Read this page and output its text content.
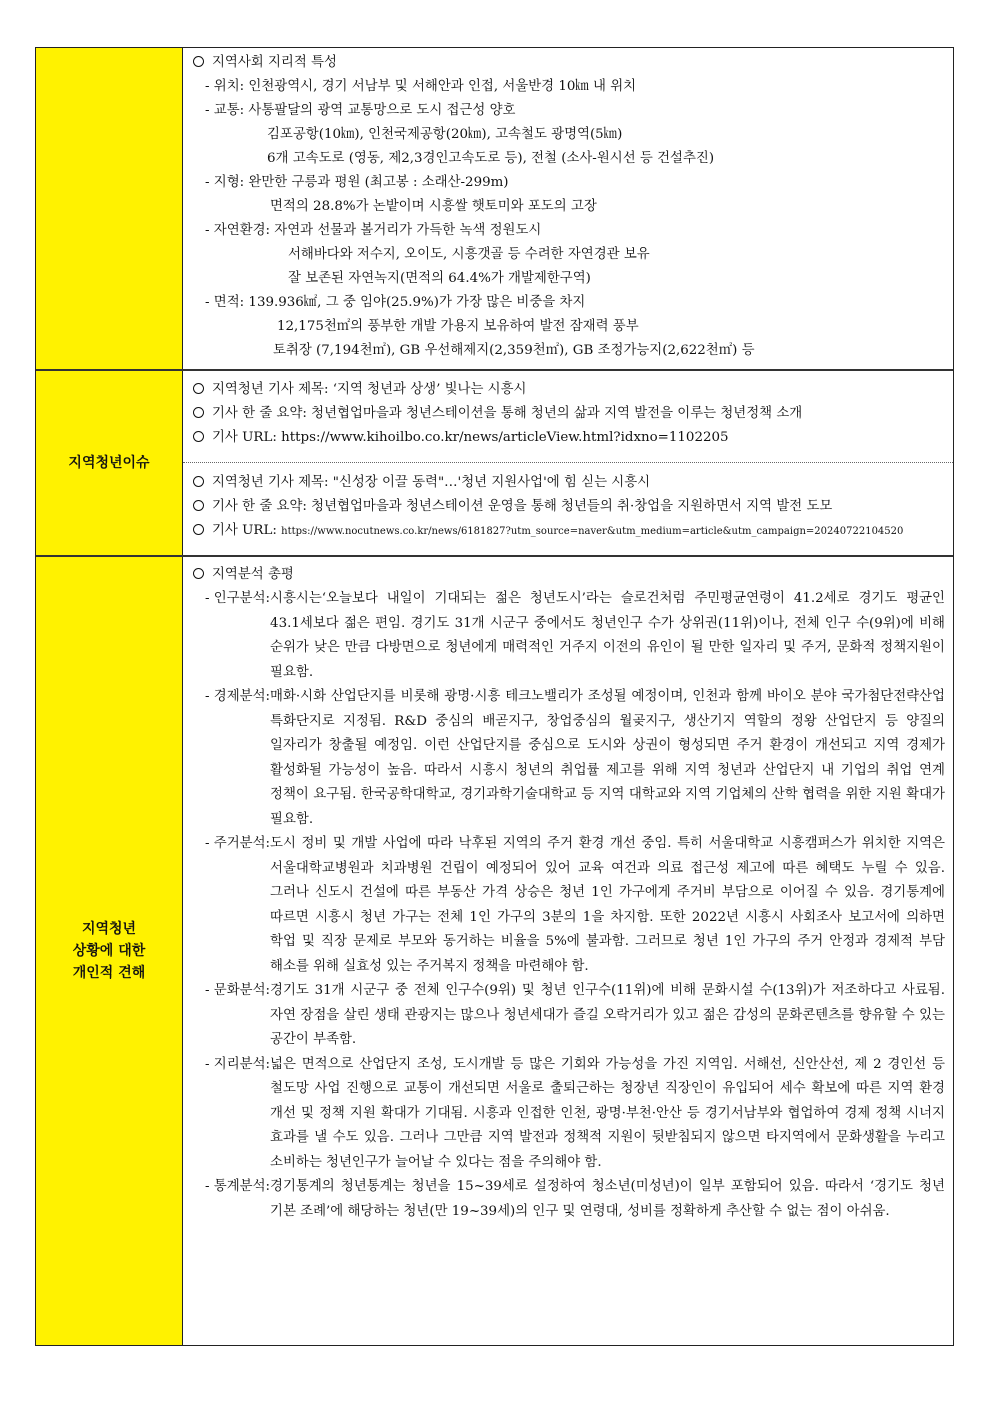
지역사회 지리적 특성
- 위치: 인천광역시, 경기 서남부 및 서해안과 인접, 서울반경 10㎞ 내 위치
- 교통: 사통팔달의 광역 교통망으로 도시 접근성 양호
김포공항(10㎞), 인천국제공항(20㎞), 고속철도 광명역(5㎞)
6개 고속도로 (영동, 제2,3경인고속도로 등), 전철 (소사-원시선 등 건설추진)
- 지형: 완만한 구릉과 평원 (최고봉 : 소래산-299m)
면적의 28.8%가 논밭이며 시흥쌀 햇토미와 포도의 고장
- 자연환경: 자연과 선물과 볼거리가 가득한 녹색 정원도시
서해바다와 저수지, 오이도, 시흥갯골 등 수려한 자연경관 보유
잘 보존된 자연녹지(면적의 64.4%가 개발제한구역)
- 면적: 139.936㎢, 그 중 임야(25.9%)가 가장 많은 비중을 차지
12,175천㎡의 풍부한 개발 가용지 보유하여 발전 잠재력 풍부
토취장 (7,194천㎡), GB 우선해제지(2,359천㎡), GB 조정가능지(2,622천㎡) 등
지역청년이슈
지역청년 기사 제목: ‘지역 청년과 상생’ 빛나는 시흥시
기사 한 줄 요약: 청년협업마을과 청년스테이션을 통해 청년의 삶과 지역 발전을 이루는 청년정책 소개
기사 URL: https://www.kihoilbo.co.kr/news/articleView.html?idxno=1102205
지역청년 기사 제목: "신성장 이끌 동력"…'청년 지원사업'에 힘 싣는 시흥시
기사 한 줄 요약: 청년협업마을과 청년스테이션 운영을 통해 청년들의 취·창업을 지원하면서 지역 발전 도모
기사 URL: https://www.nocutnews.co.kr/news/6181827?utm_source=naver&utm_medium=article&utm_campaign=20240722104520
지역청년
상황에 대한
개인적 견해
지역분석 총평
- 인구분석: 시흥시는‘오늘보다 내일이 기대되는 젊은 청년도시’라는 슬로건처럼 주민평균연령이 41.2세로 경기도 평균인 43.1세보다 젊은 편임. 경기도 31개 시군구 중에서도 청년인구 수가 상위권(11위)이나, 전체 인구 수(9위)에 비해 순위가 낮은 만큼 다방면으로 청년에게 매력적인 거주지 이전의 유인이 될 만한 일자리 및 주거, 문화적 정책지원이 필요함.
- 경제분석: 매화·시화 산업단지를 비롯해 광명·시흥 테크노밸리가 조성될 예정이며, 인천과 함께 바이오 분야 국가첨단전략산업 특화단지로 지정됨. R&D 중심의 배곧지구, 창업중심의 월곶지구, 생산기지 역할의 정왕 산업단지 등 양질의 일자리가 창출될 예정임. 이런 산업단지를 중심으로 도시와 상권이 형성되면 주거 환경이 개선되고 지역 경제가 활성화될 가능성이 높음. 따라서 시흥시 청년의 취업률 제고를 위해 지역 청년과 산업단지 내 기업의 취업 연계 정책이 요구됨. 한국공학대학교, 경기과학기술대학교 등 지역 대학교와 지역 기업체의 산학 협력을 위한 지원 확대가 필요함.
- 주거분석: 도시 정비 및 개발 사업에 따라 낙후된 지역의 주거 환경 개선 중임. 특히 서울대학교 시흥캠퍼스가 위치한 지역은 서울대학교병원과 치과병원 건립이 예정되어 있어 교육 여건과 의료 접근성 제고에 따른 혜택도 누릴 수 있음. 그러나 신도시 건설에 따른 부동산 가격 상승은 청년 1인 가구에게 주거비 부담으로 이어질 수 있음. 경기통계에 따르면 시흥시 청년 가구는 전체 1인 가구의 3분의 1을 차지함. 또한 2022년 시흥시 사회조사 보고서에 의하면 학업 및 직장 문제로 부모와 동거하는 비율을 5%에 불과함. 그러므로 청년 1인 가구의 주거 안정과 경제적 부담 해소를 위해 실효성 있는 주거복지 정책을 마련해야 함.
- 문화분석: 경기도 31개 시군구 중 전체 인구수(9위) 및 청년 인구수(11위)에 비해 문화시설 수(13위)가 저조하다고 사료됨. 자연 장점을 살린 생태 관광지는 많으나 청년세대가 즐길 오락거리가 있고 젊은 감성의 문화콘텐츠를 향유할 수 있는 공간이 부족함.
- 지리분석: 넓은 면적으로 산업단지 조성, 도시개발 등 많은 기회와 가능성을 가진 지역임. 서해선, 신안산선, 제 2 경인선 등 철도망 사업 진행으로 교통이 개선되면 서울로 출퇴근하는 청장년 직장인이 유입되어 세수 확보에 따른 지역 환경 개선 및 정책 지원 확대가 기대됨. 시흥과 인접한 인천, 광명·부천·안산 등 경기서남부와 협업하여 경제 정책 시너지 효과를 낼 수도 있음. 그러나 그만큼 지역 발전과 정책적 지원이 뒷받침되지 않으면 타지역에서 문화생활을 누리고 소비하는 청년인구가 늘어날 수 있다는 점을 주의해야 함.
- 통계분석: 경기통계의 청년통계는 청년을 15~39세로 설정하여 청소년(미성년)이 일부 포함되어 있음. 따라서 ‘경기도 청년 기본 조례’에 해당하는 청년(만 19~39세)의 인구 및 연령대, 성비를 정확하게 추산할 수 없는 점이 아쉬움.
